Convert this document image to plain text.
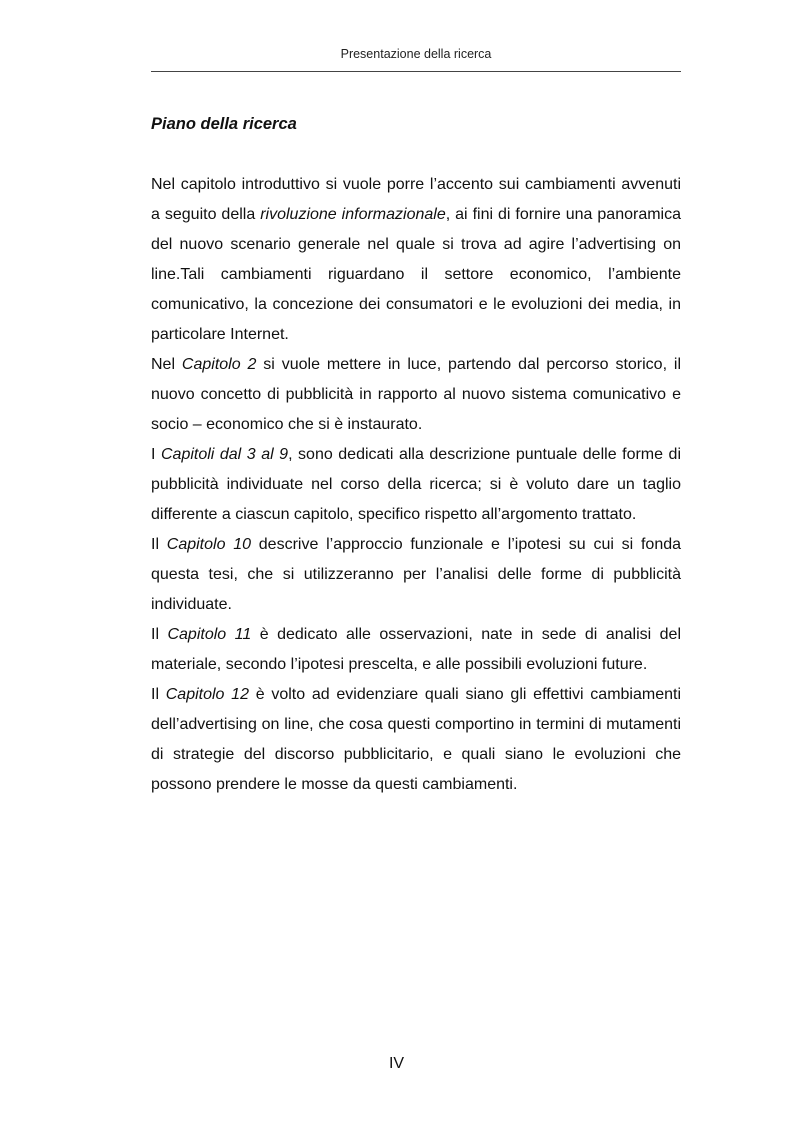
Presentazione della ricerca
Piano della ricerca

Nel capitolo introduttivo si vuole porre l’accento sui cambiamenti avvenuti a seguito della rivoluzione informazionale, ai fini di fornire una panoramica del nuovo scenario generale nel quale si trova ad agire l’advertising on line.Tali cambiamenti riguardano il settore economico, l’ambiente comunicativo, la concezione dei consumatori e le evoluzioni dei media, in particolare Internet.

Nel Capitolo 2 si vuole mettere in luce, partendo dal percorso storico, il nuovo concetto di pubblicità in rapporto al nuovo sistema comunicativo e socio – economico che si è instaurato.

I Capitoli dal 3 al 9, sono dedicati alla descrizione puntuale delle forme di pubblicità individuate nel corso della ricerca; si è voluto dare un taglio differente a ciascun capitolo, specifico rispetto all’argomento trattato.

Il Capitolo 10 descrive l’approccio funzionale e l’ipotesi su cui si fonda questa tesi, che si utilizzeranno per l’analisi delle forme di pubblicità individuate.

Il Capitolo 11 è dedicato alle osservazioni, nate in sede di analisi del materiale, secondo l’ipotesi prescelta, e alle possibili evoluzioni future.

Il Capitolo 12 è volto ad evidenziare quali siano gli effettivi cambiamenti dell’advertising on line, che cosa questi comportino in termini di mutamenti di strategie del discorso pubblicitario, e quali siano le evoluzioni che possono prendere le mosse da questi cambiamenti.

IV
